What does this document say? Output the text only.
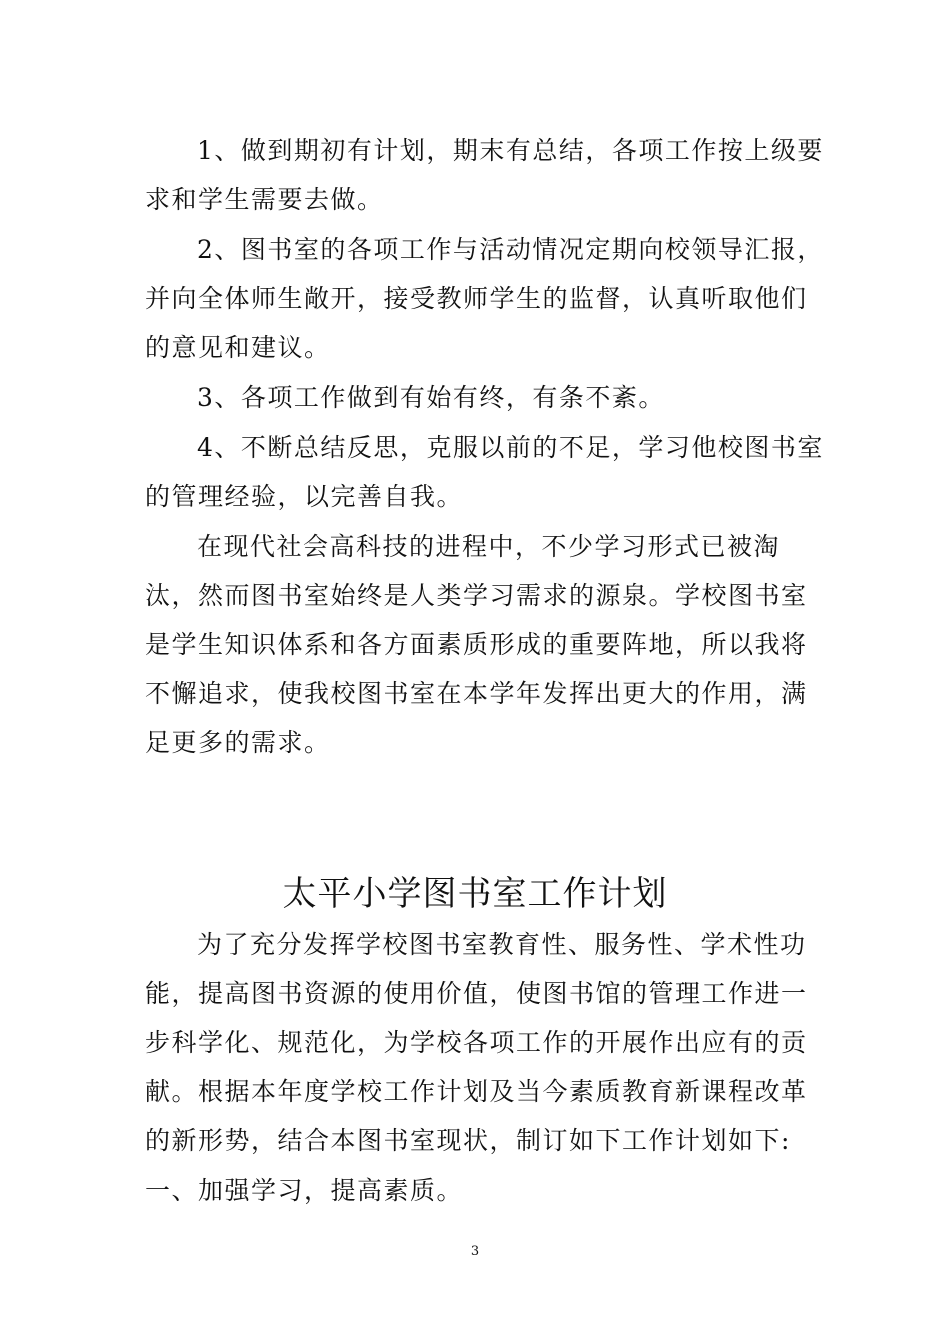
1、做到期初有计划，期末有总结，各项工作按上级要求和学生需要去做。

2、图书室的各项工作与活动情况定期向校领导汇报，并向全体师生敞开，接受教师学生的监督，认真听取他们的意见和建议。

3、各项工作做到有始有终，有条不紊。

4、不断总结反思，克服以前的不足，学习他校图书室的管理经验，以完善自我。

在现代社会高科技的进程中，不少学习形式已被淘汰，然而图书室始终是人类学习需求的源泉。学校图书室是学生知识体系和各方面素质形成的重要阵地，所以我将不懈追求，使我校图书室在本学年发挥出更大的作用，满足更多的需求。

太平小学图书室工作计划

为了充分发挥学校图书室教育性、服务性、学术性功能，提高图书资源的使用价值，使图书馆的管理工作进一步科学化、规范化，为学校各项工作的开展作出应有的贡献。根据本年度学校工作计划及当今素质教育新课程改革的新形势，结合本图书室现状，制订如下工作计划如下:

一、加强学习，提高素质。

3
